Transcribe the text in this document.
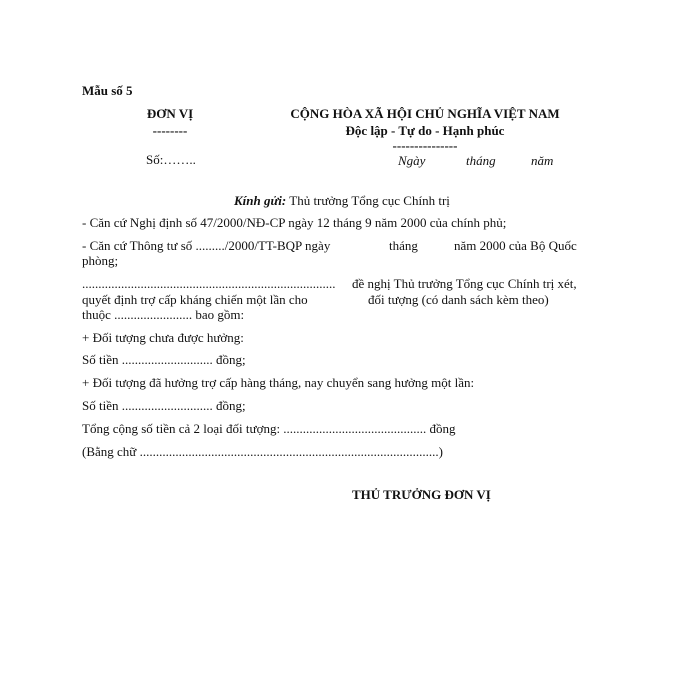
Mẫu số 5
ĐƠN VỊ
--------
Số:……..
CỘNG HÒA XÃ HỘI CHỦ NGHĨA VIỆT NAM
Độc lập - Tự do - Hạnh phúc
---------------
Ngày	tháng	năm
Kính gửi: Thủ trưởng Tổng cục Chính trị
- Căn cứ Nghị định số 47/2000/NĐ-CP ngày 12 tháng 9 năm 2000 của chính phủ;
- Căn cứ Thông tư số ........./2000/TT-BQP ngày	tháng	năm 2000 của Bộ Quốc
phòng;
.............................................................................. đề nghị Thủ trưởng Tổng cục Chính trị xét,
quyết định trợ cấp kháng chiến một lần cho	đối tượng (có danh sách kèm theo)
thuộc ........................ bao gồm:
+ Đối tượng chưa được hưởng:
Số tiền ............................ đồng;
+ Đối tượng đã hưởng trợ cấp hàng tháng, nay chuyển sang hưởng một lần:
Số tiền ............................ đồng;
Tổng cộng số tiền cả 2 loại đối tượng: ............................................ đồng
(Bằng chữ ............................................................................................)
THỦ TRƯỞNG ĐƠN VỊ
